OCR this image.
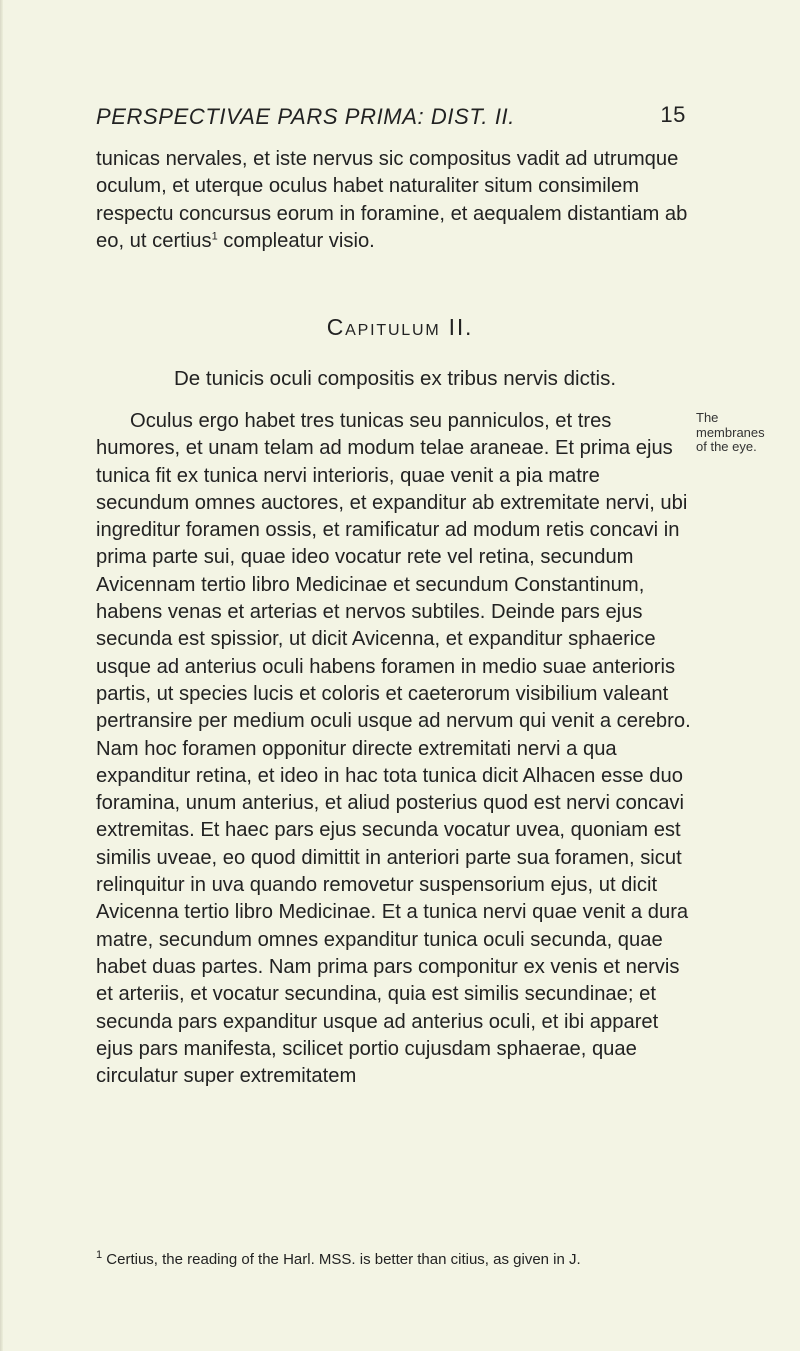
PERSPECTIVAE PARS PRIMA: DIST. II.	15

tunicas nervales, et iste nervus sic compositus vadit ad utrumque oculum, et uterque oculus habet naturaliter situm consimilem respectu concursus eorum in foramine, et aequalem distantiam ab eo, ut certius$^1$ compleatur visio.

Capitulum II.
De tunicis oculi compositis ex tribus nervis dictis.

Oculus ergo habet tres tunicas seu panniculos, et tres humores, et unam telam ad modum telae araneae. Et prima ejus tunica fit ex tunica nervi interioris, quae venit a pia matre secundum omnes auctores, et expanditur ab extremitate nervi, ubi ingreditur foramen ossis, et ramificatur ad modum retis concavi in prima parte sui, quae ideo vocatur rete vel retina, secundum Avicennam tertio libro Medicinae et secundum Constantinum, habens venas et arterias et nervos subtiles. Deinde pars ejus secunda est spissior, ut dicit Avicenna, et expanditur sphaerice usque ad anterius oculi habens foramen in medio suae anterioris partis, ut species lucis et coloris et caeterorum visibilium valeant pertransire per medium oculi usque ad nervum qui venit a cerebro. Nam hoc foramen opponitur directe extremitati nervi a qua expanditur retina, et ideo in hac tota tunica dicit Alhacen esse duo foramina, unum anterius, et aliud posterius quod est nervi concavi extremitas. Et haec pars ejus secunda vocatur uvea, quoniam est similis uveae, eo quod dimittit in anteriori parte sua foramen, sicut relinquitur in uva quando removetur suspensorium ejus, ut dicit Avicenna tertio libro Medicinae. Et a tunica nervi quae venit a dura matre, secundum omnes expanditur tunica oculi secunda, quae habet duas partes. Nam prima pars componitur ex venis et nervis et arteriis, et vocatur secundina, quia est similis secundinae; et secunda pars expanditur usque ad anterius oculi, et ibi apparet ejus pars manifesta, scilicet portio cujusdam sphaerae, quae circulatur super extremitatem

The
membranes
of the eye.
$^1$ Certius, the reading of the Harl. MSS. is better than citius, as given in J.
